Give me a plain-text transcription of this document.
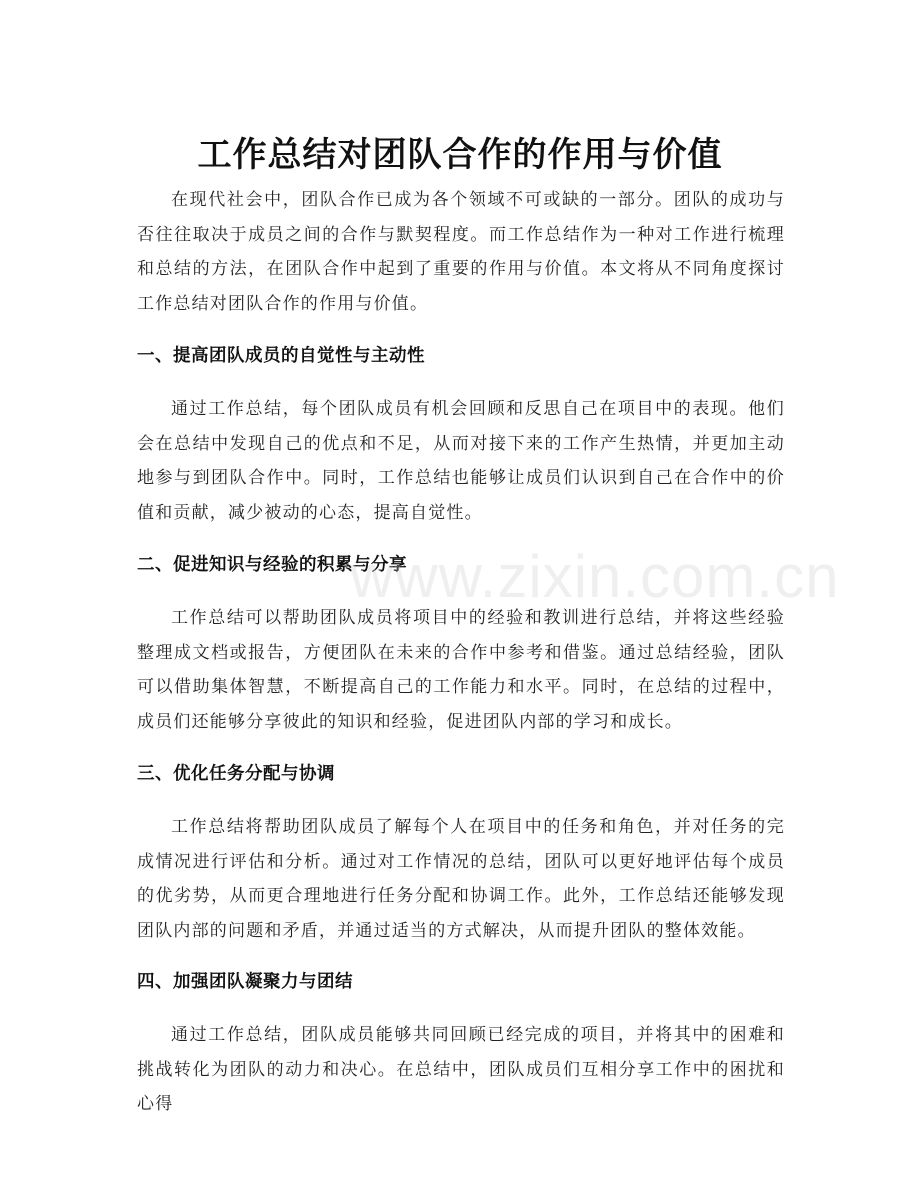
工作总结对团队合作的作用与价值

在现代社会中，团队合作已成为各个领域不可或缺的一部分。团队的成功与否往往取决于成员之间的合作与默契程度。而工作总结作为一种对工作进行梳理和总结的方法，在团队合作中起到了重要的作用与价值。本文将从不同角度探讨工作总结对团队合作的作用与价值。

一、提高团队成员的自觉性与主动性

通过工作总结，每个团队成员有机会回顾和反思自己在项目中的表现。他们会在总结中发现自己的优点和不足，从而对接下来的工作产生热情，并更加主动地参与到团队合作中。同时，工作总结也能够让成员们认识到自己在合作中的价值和贡献，减少被动的心态，提高自觉性。

二、促进知识与经验的积累与分享

工作总结可以帮助团队成员将项目中的经验和教训进行总结，并将这些经验整理成文档或报告，方便团队在未来的合作中参考和借鉴。通过总结经验，团队可以借助集体智慧，不断提高自己的工作能力和水平。同时，在总结的过程中，成员们还能够分享彼此的知识和经验，促进团队内部的学习和成长。

三、优化任务分配与协调

工作总结将帮助团队成员了解每个人在项目中的任务和角色，并对任务的完成情况进行评估和分析。通过对工作情况的总结，团队可以更好地评估每个成员的优劣势，从而更合理地进行任务分配和协调工作。此外，工作总结还能够发现团队内部的问题和矛盾，并通过适当的方式解决，从而提升团队的整体效能。

四、加强团队凝聚力与团结

通过工作总结，团队成员能够共同回顾已经完成的项目，并将其中的困难和挑战转化为团队的动力和决心。在总结中，团队成员们互相分享工作中的困扰和心得

www.zixin.com.cn
